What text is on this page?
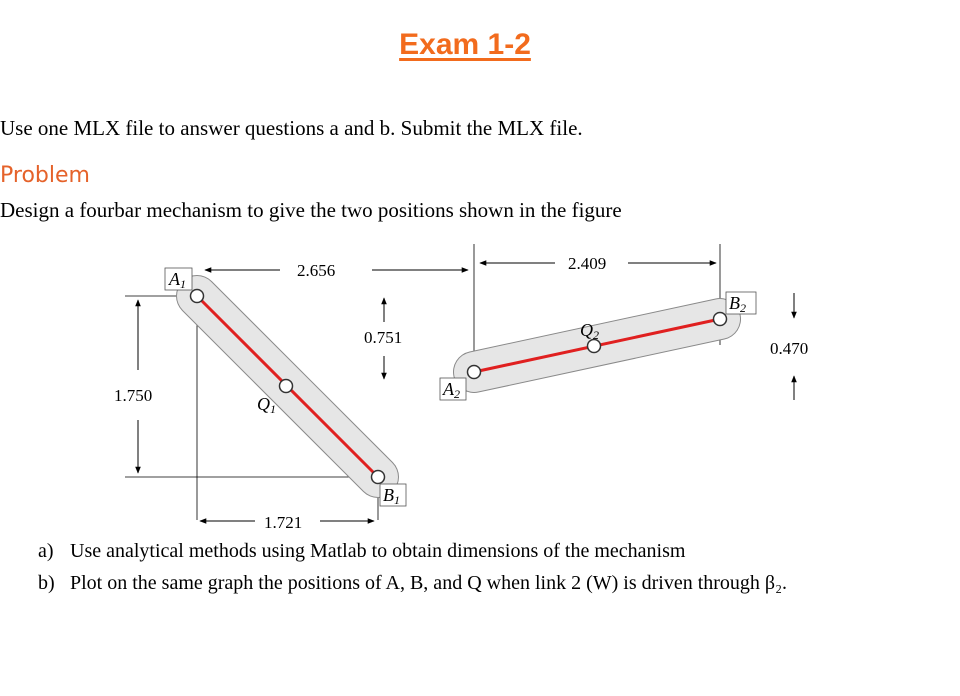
Exam 1-2
Use one MLX file to answer questions a and b. Submit the MLX file.
Problem
Design a fourbar mechanism to give the two positions shown in the figure
A1
B1
A2
B2
Q1
Q2
2.656	2.409
0.751
0.470
1.750
1.721
a) Use analytical methods using Matlab to obtain dimensions of the mechanism
b) Plot on the same graph the positions of A, B, and Q when link 2 (W) is driven through β₂.
